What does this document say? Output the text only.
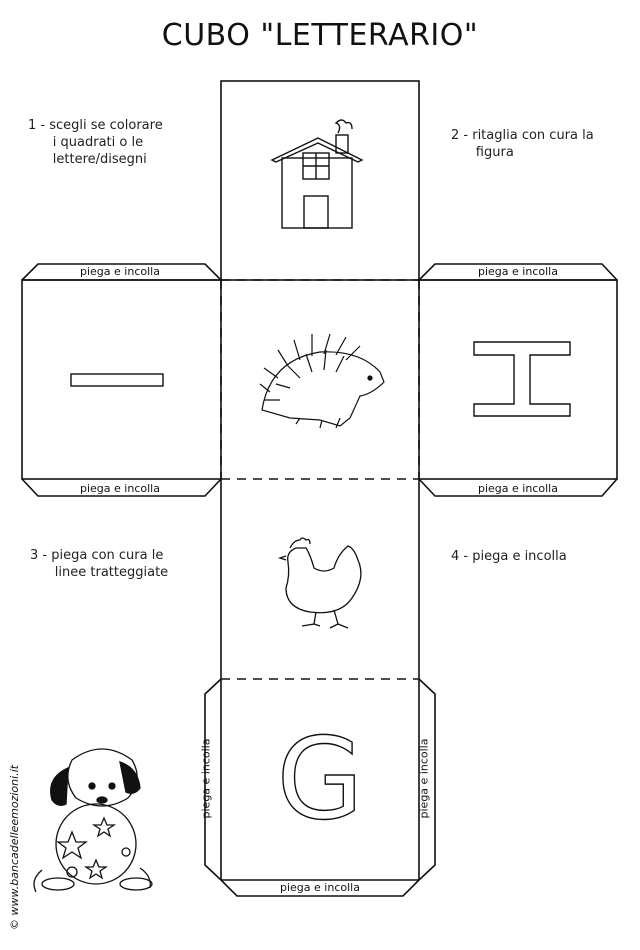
CUBO "LETTERARIO"
1 - scegli se colorare
i quadrati o le
lettere/disegni
2 - ritaglia con cura la
figura
3 - piega con cura le
linee tratteggiate
4 - piega e incolla
G
piega e incolla	piega e incolla
piega e incolla	piega e incolla
piega e incolla
piega e incolla	piega e incolla
© www.bancadelleemozioni.it
